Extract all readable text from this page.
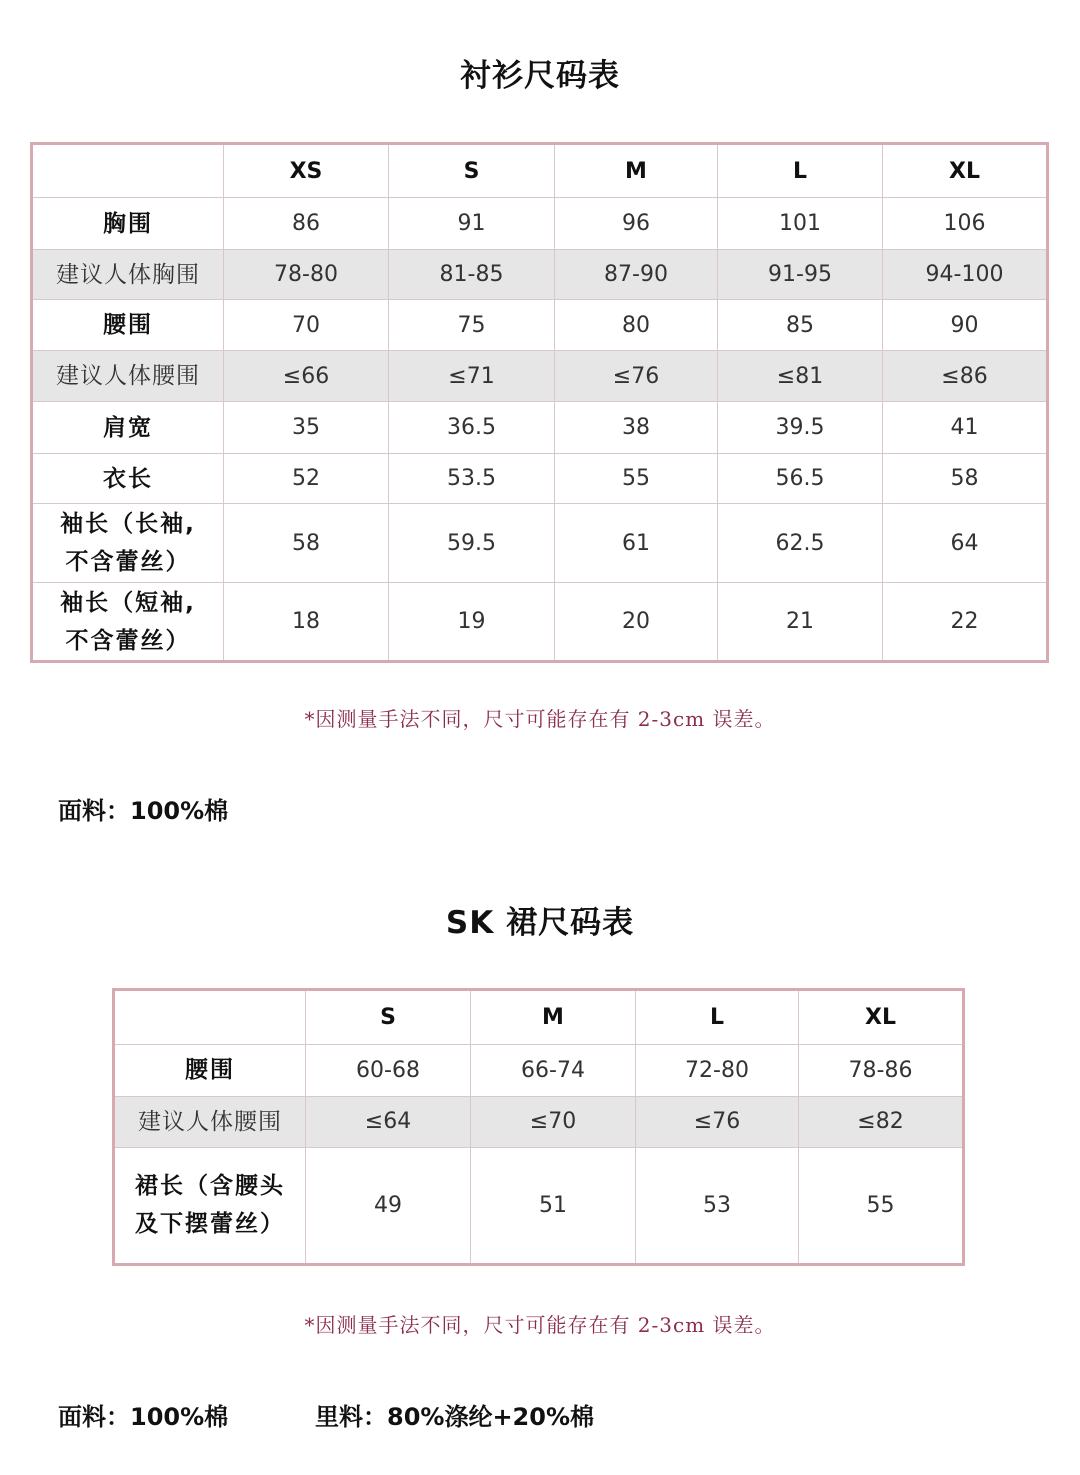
衬衫尺码表
	XS	S	M	L	XL
胸围	86	91	96	101	106
建议人体胸围	78-80	81-85	87-90	91-95	94-100
腰围	70	75	80	85	90
建议人体腰围	≤66	≤71	≤76	≤81	≤86
肩宽	35	36.5	38	39.5	41
衣长	52	53.5	55	56.5	58

袖长（长袖,
不含蕾丝）	58	59.5	61	62.5	64

袖长（短袖,
不含蕾丝）	18	19	20	21	22

*因测量手法不同，尺寸可能存在有 2-3cm 误差。

面料：100%棉

SK 裙尺码表
	S	M	L	XL
腰围	60-68	66-74	72-80	78-86
建议人体腰围	≤64	≤70	≤76	≤82

裙长（含腰头
及下摆蕾丝）	49	51	53	55

*因测量手法不同，尺寸可能存在有 2-3cm 误差。

面料：100%棉	里料：80%涤纶+20%棉
